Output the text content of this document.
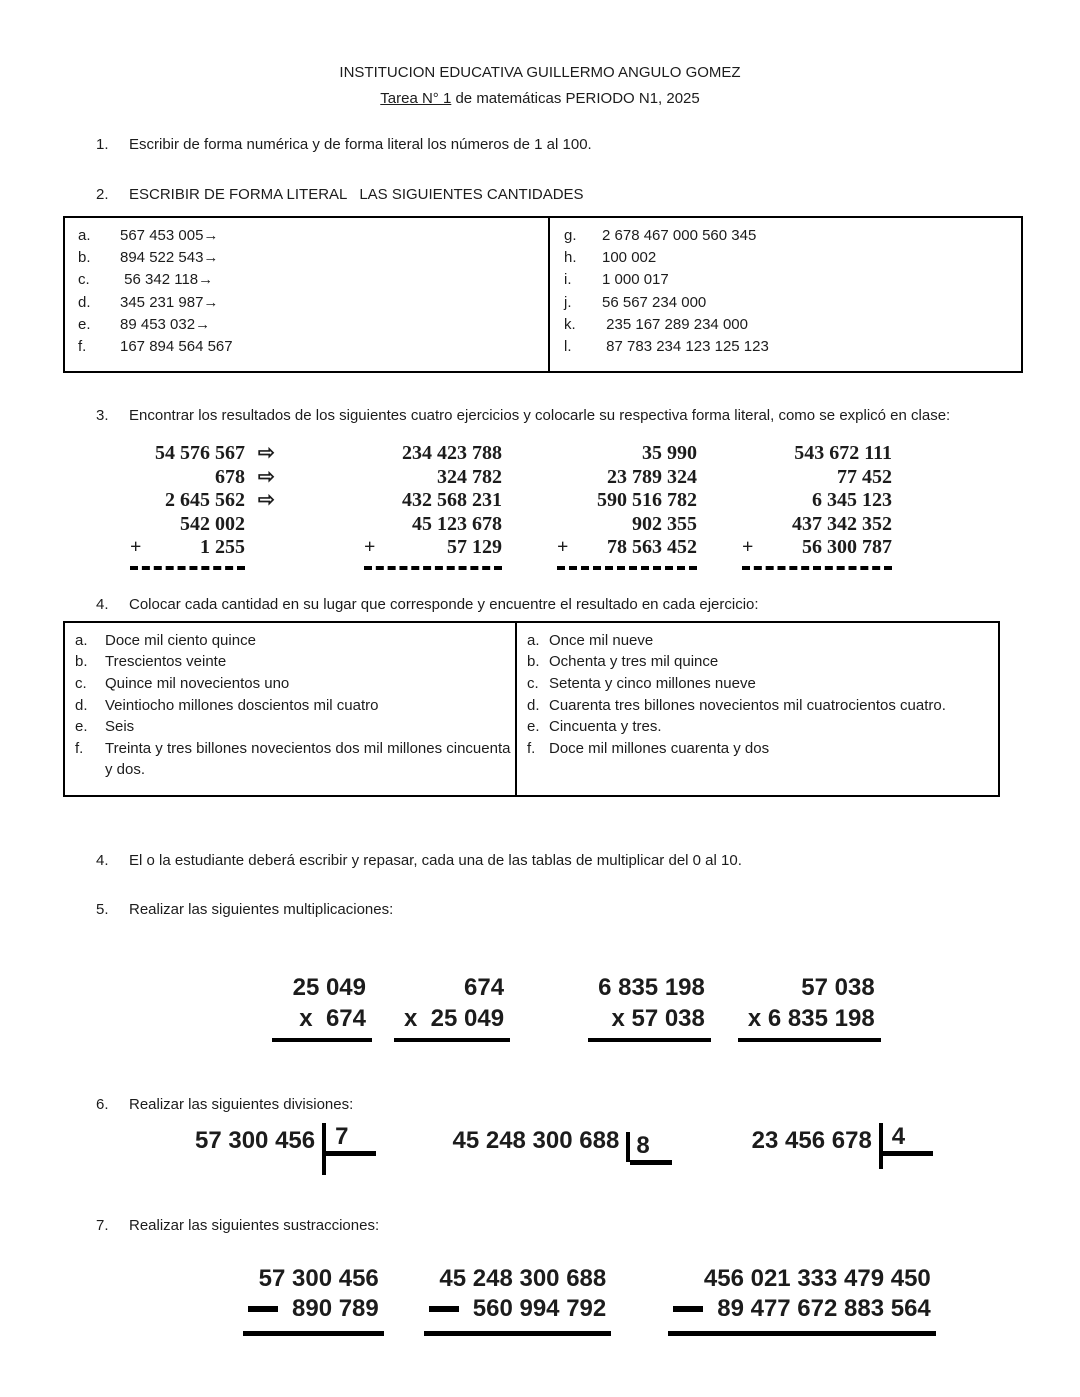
INSTITUCION EDUCATIVA GUILLERMO ANGULO GOMEZ
Tarea N° 1 de matemáticas PERIODO N1, 2025
1.	Escribir de forma numérica y de forma literal los números de 1 al 100.
2.	ESCRIBIR DE FORMA LITERAL   LAS SIGUIENTES CANTIDADES
a.	567 453 005→
b.	894 522 543→
c.	56 342 118→
d.	345 231 987→
e.	89 453 032→
f.	167 894 564 567
g.	2 678 467 000 560 345
h.	100 002
i.	1 000 017
j.	56 567 234 000
k.	235 167 289 234 000
l.	87 783 234 123 125 123
3.	Encontrar los resultados de los siguientes cuatro ejercicios y colocarle su respectiva forma literal, como se explicó en clase:
54 576 567
678
2 645 562
542 002
+	1 255
⇨
⇨
⇨
234 423 788
324 782
432 568 231
45 123 678
+	57 129
35 990
23 789 324
590 516 782
902 355
+ 78 563 452
543 672 111
77 452
6 345 123
437 342 352
+ 56 300 787
4.	Colocar cada cantidad en su lugar que corresponde y encuentre el resultado en cada ejercicio:
a.	Doce mil ciento quince
b.	Trescientos veinte
c.	Quince mil novecientos uno
d.	Veintiocho millones doscientos mil cuatro
e.	Seis
f.	Treinta y tres billones novecientos dos mil millones cincuenta y dos.
a. Once mil nueve
b. Ochenta y tres mil quince
c. Setenta y cinco millones nueve
d. Cuarenta tres billones novecientos mil cuatrocientos cuatro.
e. Cincuenta y tres.
f. Doce mil millones cuarenta y dos
4.	El o la estudiante deberá escribir y repasar, cada una de las tablas de multiplicar del 0 al 10.
5.	Realizar las siguientes multiplicaciones:
25 049
x  674
674
x  25 049
6 835 198
x 57 038
57 038
x 6 835 198
6.	Realizar las siguientes divisiones:
57 300 456 7	45 248 300 688 8	23 456 678 4
7.	Realizar las siguientes sustracciones:
57 300 456
890 789
45 248 300 688
560 994 792
456 021 333 479 450
89 477 672 883 564
